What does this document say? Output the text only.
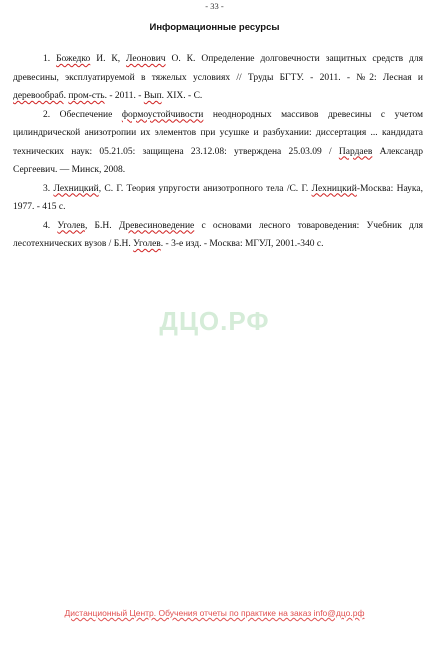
- 33 -
Информационные ресурсы

1. Божедко И. К, Леонович О. К. Определение долговечности защитных средств для древесины, эксплуатируемой в тяжелых условиях // Труды БГТУ. - 2011. - №2: Лесная и деревообраб. пром-сть. - 2011. - Вып. XIX. - С.

2. Обеспечение формоустойчивости неоднородных массивов древесины с учетом цилиндрической анизотропии их элементов при усушке и разбухании: диссертация ... кандидата технических наук: 05.21.05: защищена 23.12.08: утверждена 25.03.09 / Пардаев Александр Сергеевич. — Минск, 2008.

3. Лехницкий, С. Г. Теория упругости анизотропного тела /С. Г. Лехницкий-Москва: Наука, 1977. - 415 с.

4. Уголев, Б.Н. Древесиноведение с основами лесного товароведения: Учебник для лесотехнических вузов / Б.Н. Уголев. - 3-е изд. - Москва: МГУЛ, 2001.-340 с.

ДЦО.РФ
Дистанционный Центр. Обучения отчеты по практике на заказ info@дцо.рф
